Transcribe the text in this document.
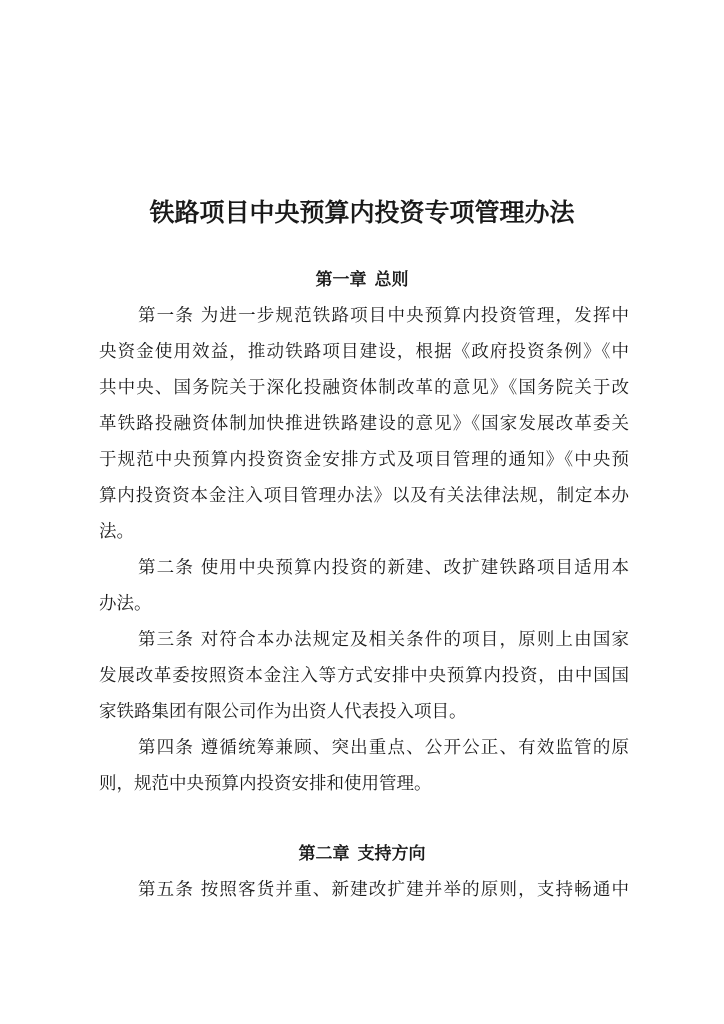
铁路项目中央预算内投资专项管理办法
第一章 总则

第一条 为进一步规范铁路项目中央预算内投资管理，发挥中

央资金使用效益，推动铁路项目建设，根据《政府投资条例》《中

共中央、国务院关于深化投融资体制改革的意见》《国务院关于改

革铁路投融资体制加快推进铁路建设的意见》《国家发展改革委关

于规范中央预算内投资资金安排方式及项目管理的通知》《中央预

算内投资资本金注入项目管理办法》以及有关法律法规，制定本办

法。

第二条 使用中央预算内投资的新建、改扩建铁路项目适用本

办法。

第三条 对符合本办法规定及相关条件的项目，原则上由国家

发展改革委按照资本金注入等方式安排中央预算内投资，由中国国

家铁路集团有限公司作为出资人代表投入项目。

第四条 遵循统筹兼顾、突出重点、公开公正、有效监管的原

则，规范中央预算内投资安排和使用管理。

第二章 支持方向

第五条 按照客货并重、新建改扩建并举的原则，支持畅通中
